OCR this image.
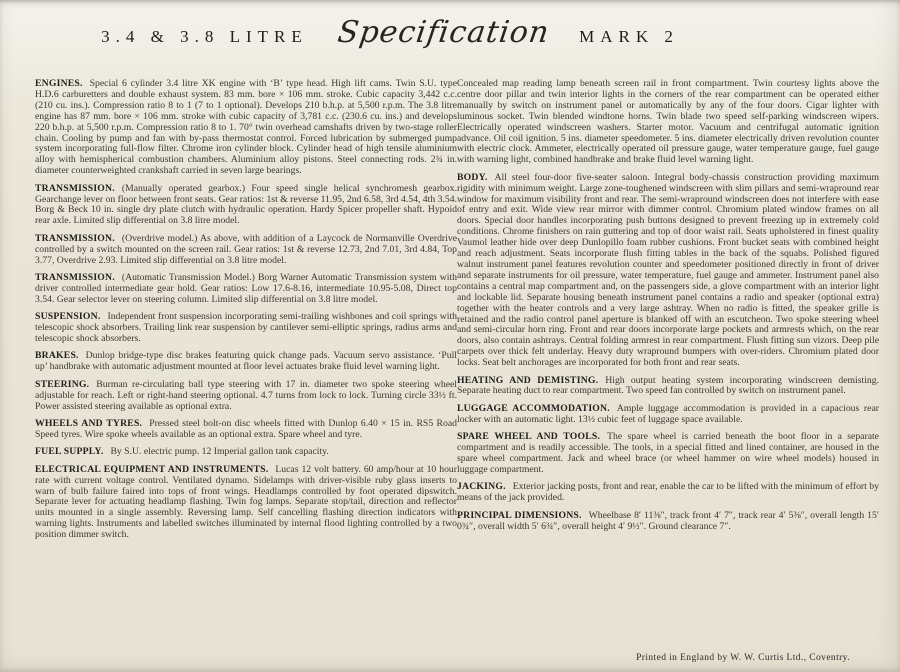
3.4 & 3.8 LITRE Specification MARK 2

ENGINES. Special 6 cylinder 3.4 litre XK engine with ‘B’ type head. High lift cams. Twin S.U. type H.D.6 carburetters and double exhaust system. 83 mm. bore × 106 mm. stroke. Cubic capacity 3,442 c.c. (210 cu. ins.). Compression ratio 8 to 1 (7 to 1 optional). Develops 210 b.h.p. at 5,500 r.p.m. The 3.8 litre engine has 87 mm. bore × 106 mm. stroke with cubic capacity of 3,781 c.c. (230.6 cu. ins.) and develops 220 b.h.p. at 5,500 r.p.m. Compression ratio 8 to 1. 70° twin overhead camshafts driven by two-stage roller chain. Cooling by pump and fan with by-pass thermostat control. Forced lubrication by submerged pump system incorporating full-flow filter. Chrome iron cylinder block. Cylinder head of high tensile aluminium alloy with hemispherical combustion chambers. Aluminium alloy pistons. Steel connecting rods. 2¾ in. diameter counterweighted crankshaft carried in seven large bearings.

TRANSMISSION. (Manually operated gearbox.) Four speed single helical synchromesh gearbox. Gearchange lever on floor between front seats. Gear ratios: 1st & reverse 11.95, 2nd 6.58, 3rd 4.54, 4th 3.54. Borg & Beck 10 in. single dry plate clutch with hydraulic operation. Hardy Spicer propeller shaft. Hypoid rear axle. Limited slip differential on 3.8 litre model.

TRANSMISSION. (Overdrive model.) As above, with addition of a Laycock de Normanville Overdrive controlled by a switch mounted on the screen rail. Gear ratios: 1st & reverse 12.73, 2nd 7.01, 3rd 4.84, Top 3.77, Overdrive 2.93. Limited slip differential on 3.8 litre model.

TRANSMISSION. (Automatic Transmission Model.) Borg Warner Automatic Transmission system with driver controlled intermediate gear hold. Gear ratios: Low 17.6-8.16, intermediate 10.95-5.08, Direct top 3.54. Gear selector lever on steering column. Limited slip differential on 3.8 litre model.

SUSPENSION. Independent front suspension incorporating semi-trailing wishbones and coil springs with telescopic shock absorbers. Trailing link rear suspension by cantilever semi-elliptic springs, radius arms and telescopic shock absorbers.

BRAKES. Dunlop bridge-type disc brakes featuring quick change pads. Vacuum servo assistance. ‘Pull up’ handbrake with automatic adjustment mounted at floor level actuates brake fluid level warning light.

STEERING. Burman re-circulating ball type steering with 17 in. diameter two spoke steering wheel adjustable for reach. Left or right-hand steering optional. 4.7 turns from lock to lock. Turning circle 33½ ft. Power assisted steering available as optional extra.

WHEELS AND TYRES. Pressed steel bolt-on disc wheels fitted with Dunlop 6.40 × 15 in. RS5 Road Speed tyres. Wire spoke wheels available as an optional extra. Spare wheel and tyre.

FUEL SUPPLY. By S.U. electric pump. 12 Imperial gallon tank capacity.

ELECTRICAL EQUIPMENT AND INSTRUMENTS. Lucas 12 volt battery. 60 amp/hour at 10 hour rate with current voltage control. Ventilated dynamo. Sidelamps with driver-visible ruby glass inserts to warn of bulb failure faired into tops of front wings. Headlamps controlled by foot operated dipswitch. Separate lever for actuating headlamp flashing. Twin fog lamps. Separate stop/tail, direction and reflector units mounted in a single assembly. Reversing lamp. Self cancelling flashing direction indicators with warning lights. Instruments and labelled switches illuminated by internal flood lighting controlled by a two position dimmer switch.

Concealed map reading lamp beneath screen rail in front compartment. Twin courtesy lights above the centre door pillar and twin interior lights in the corners of the rear compartment can be operated either manually by switch on instrument panel or automatically by any of the four doors. Cigar lighter with luminous socket. Twin blended windtone horns. Twin blade two speed self-parking windscreen wipers. Electrically operated windscreen washers. Starter motor. Vacuum and centrifugal automatic ignition advance. Oil coil ignition. 5 ins. diameter speedometer. 5 ins. diameter electrically driven revolution counter with electric clock. Ammeter, electrically operated oil pressure gauge, water temperature gauge, fuel gauge with warning light, combined handbrake and brake fluid level warning light.

BODY. All steel four-door five-seater saloon. Integral body-chassis construction providing maximum rigidity with minimum weight. Large zone-toughened windscreen with slim pillars and semi-wrapround rear window for maximum visibility front and rear. The semi-wrapround windscreen does not interfere with ease of entry and exit. Wide view rear mirror with dimmer control. Chromium plated window frames on all doors. Special door handles incorporating push buttons designed to prevent freezing up in extremely cold conditions. Chrome finishers on rain guttering and top of door waist rail. Seats upholstered in finest quality Vaumol leather hide over deep Dunlopillo foam rubber cushions. Front bucket seats with combined height and reach adjustment. Seats incorporate flush fitting tables in the back of the squabs. Polished figured walnut instrument panel features revolution counter and speedometer positioned directly in front of driver and separate instruments for oil pressure, water temperature, fuel gauge and ammeter. Instrument panel also contains a central map compartment and, on the passengers side, a glove compartment with an interior light and lockable lid. Separate housing beneath instrument panel contains a radio and speaker (optional extra) together with the heater controls and a very large ashtray. When no radio is fitted, the speaker grille is retained and the radio control panel aperture is blanked off with an escutcheon. Two spoke steering wheel and semi-circular horn ring. Front and rear doors incorporate large pockets and armrests which, on the rear doors, also contain ashtrays. Central folding armrest in rear compartment. Flush fitting sun vizors. Deep pile carpets over thick felt underlay. Heavy duty wrapround bumpers with over-riders. Chromium plated door locks. Seat belt anchorages are incorporated for both front and rear seats.

HEATING AND DEMISTING. High output heating system incorporating windscreen demisting. Separate heating duct to rear compartment. Two speed fan controlled by switch on instrument panel.

LUGGAGE ACCOMMODATION. Ample luggage accommodation is provided in a capacious rear locker with an automatic light. 13½ cubic feet of luggage space available.

SPARE WHEEL AND TOOLS. The spare wheel is carried beneath the boot floor in a separate compartment and is readily accessible. The tools, in a special fitted and lined container, are housed in the spare wheel compartment. Jack and wheel brace (or wheel hammer on wire wheel models) housed in luggage compartment.

JACKING. Exterior jacking posts, front and rear, enable the car to be lifted with the minimum of effort by means of the jack provided.

PRINCIPAL DIMENSIONS. Wheelbase 8′ 11⅜″, track front 4′ 7″, track rear 4′ 5⅜″, overall length 15′ 0¾″, overall width 5′ 6¾″, overall height 4′ 9½″. Ground clearance 7″.

Printed in England by W. W. Curtis Ltd., Coventry.
